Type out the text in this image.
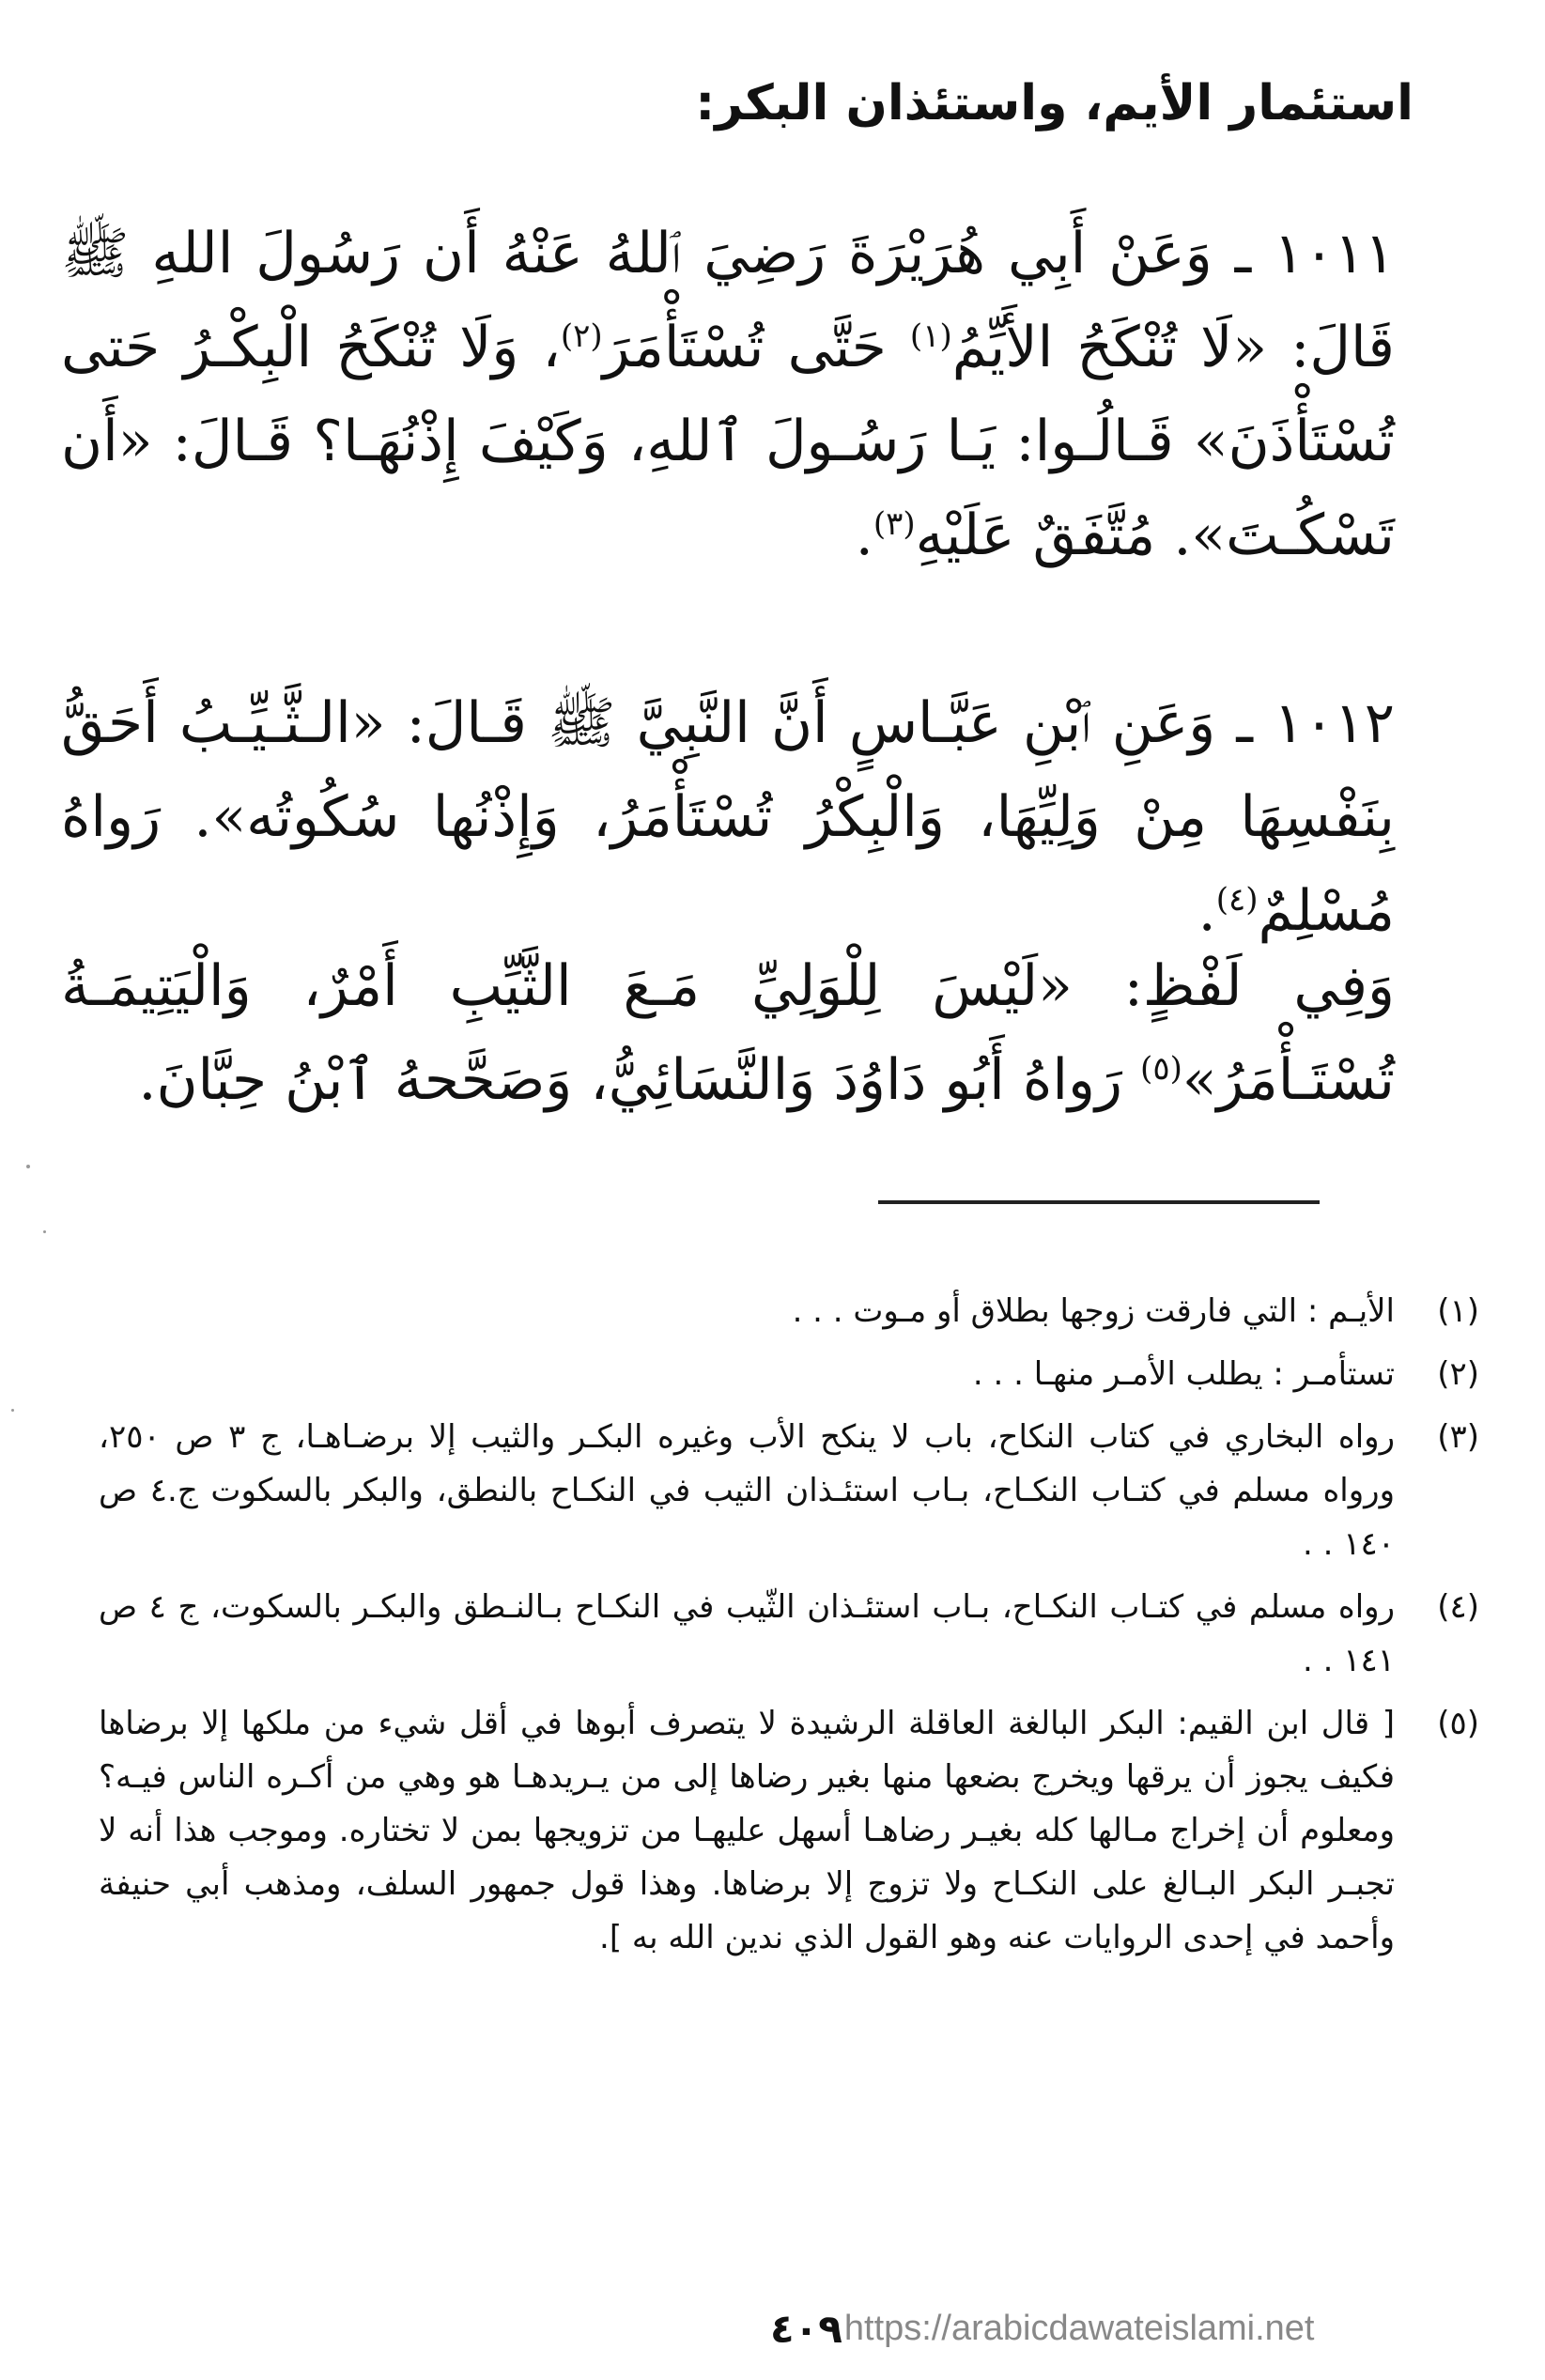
استئمار الأيم، واستئذان البكر:
١٠١١ ـ وَعَنْ أَبِي هُرَيْرَةَ رَضِيَ ٱللهُ عَنْهُ أَن رَسُولَ اللهِ ﷺ قَالَ: «لَا تُنْكَحُ الأَيِّمُ$^{(١)}$ حَتَّى تُسْتَأْمَرَ$^{(٢)}$، وَلَا تُنْكَحُ الْبِكْـرُ حَتى تُسْتَأْذَنَ» قَـالُـوا: يَـا رَسُـولَ ٱللهِ، وَكَيْفَ إِذْنُهَـا؟ قَـالَ: «أَن تَسْكُـتَ». مُتَّفَقٌ عَلَيْهِ$^{(٣)}$.
١٠١٢ ـ وَعَنِ ٱبْنِ عَبَّـاسٍ أَنَّ النَّبِيَّ ﷺ قَـالَ: «الـثَّـيِّـبُ أَحَقُّ بِنَفْسِهَا مِنْ وَلِيِّهَا، وَالْبِكْرُ تُسْتَأْمَرُ، وَإِذْنُها سُكُوتُه». رَواهُ مُسْلِمٌ$^{(٤)}$.
وَفِي لَفْظٍ: «لَيْسَ لِلْوَلِيِّ مَـعَ الثَّيِّبِ أَمْرٌ، وَالْيَتِيمَـةُ تُسْتَـأْمَرُ»$^{(٥)}$ رَواهُ أَبُو دَاوُدَ وَالنَّسَائِيُّ، وَصَحَّحهُ ٱبْنُ حِبَّانَ.
(١)
الأيـم : التي فارقت زوجها بطلاق أو مـوت . . .
(٢)
تستأمـر : يطلب الأمـر منهـا . . .
(٣)
رواه البخاري في كتاب النكاح، باب لا ينكح الأب وغيره البكـر والثيب إلا برضـاهـا، ج ٣ ص ٢٥٠، ورواه مسلم في كتـاب النكـاح، بـاب استئـذان الثيب في النكـاح بالنطق، والبكر بالسكوت ج.٤ ص ١٤٠ . .
(٤)
رواه مسلم في كتـاب النكـاح، بـاب استئـذان الثّيب في النكـاح بـالنـطق والبكـر بالسكوت، ج ٤ ص ١٤١ . .
(٥)
[ قال ابن القيم: البكر البالغة العاقلة الرشيدة لا يتصرف أبوها في أقل شيء من ملكها إلا برضاها فكيف يجوز أن يرقها ويخرج بضعها منها بغير رضاها إلى من يـريدهـا هو وهي من أكـره الناس فيـه؟ ومعلوم أن إخراج مـالها كله بغيـر رضاهـا أسهل عليهـا من تزويجها بمن لا تختاره. وموجب هذا أنه لا تجبـر البكر البـالغ على النكـاح ولا تزوج إلا برضاها. وهذا قول جمهور السلف، ومذهب أبي حنيفة وأحمد في إحدى الروايات عنه وهو القول الذي ندين الله به ].
٤٠٩https://arabicdawateislami.net
